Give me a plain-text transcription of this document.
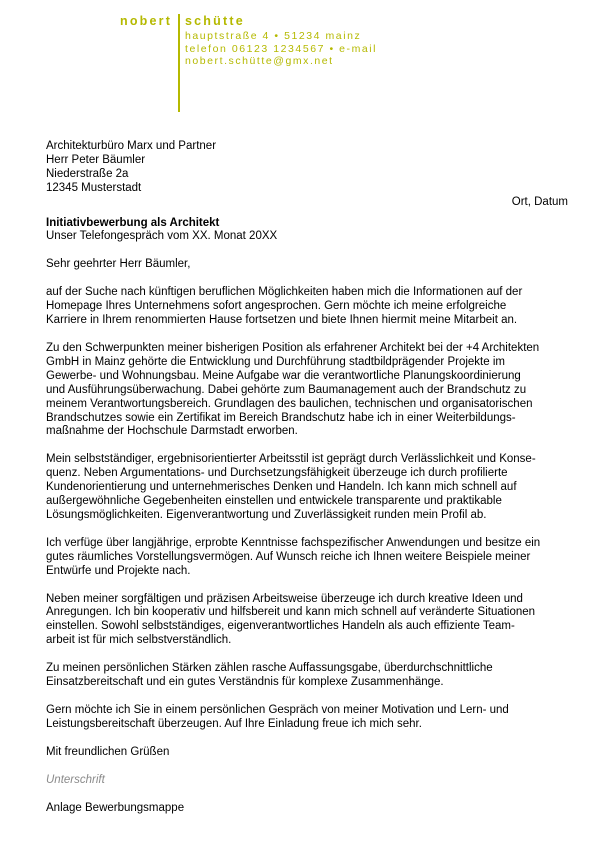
nobert schütte
hauptstraße 4 • 51234 mainz
telefon 06123 1234567 • e-mail
nobert.schütte@gmx.net
Architekturbüro Marx und Partner
Herr Peter Bäumler
Niederstraße 2a
12345 Musterstadt
Ort, Datum
Initiativbewerbung als Architekt
Unser Telefongespräch vom XX. Monat 20XX
Sehr geehrter Herr Bäumler,
auf der Suche nach künftigen beruflichen Möglichkeiten haben mich die Informationen auf der
Homepage Ihres Unternehmens sofort angesprochen. Gern möchte ich meine erfolgreiche
Karriere in Ihrem renommierten Hause fortsetzen und biete Ihnen hiermit meine Mitarbeit an.
Zu den Schwerpunkten meiner bisherigen Position als erfahrener Architekt bei der +4 Architekten
GmbH in Mainz gehörte die Entwicklung und Durchführung stadtbildprägender Projekte im
Gewerbe- und Wohnungsbau. Meine Aufgabe war die verantwortliche Planungskoordinierung
und Ausführungsüberwachung. Dabei gehörte zum Baumanagement auch der Brandschutz zu
meinem Verantwortungsbereich. Grundlagen des baulichen, technischen und organisatorischen
Brandschutzes sowie ein Zertifikat im Bereich Brandschutz habe ich in einer Weiterbildungs-
maßnahme der Hochschule Darmstadt erworben.
Mein selbstständiger, ergebnisorientierter Arbeitsstil ist geprägt durch Verlässlichkeit und Konse-
quenz. Neben Argumentations- und Durchsetzungsfähigkeit überzeuge ich durch profilierte
Kundenorientierung und unternehmerisches Denken und Handeln. Ich kann mich schnell auf
außergewöhnliche Gegebenheiten einstellen und entwickele transparente und praktikable
Lösungsmöglichkeiten. Eigenverantwortung und Zuverlässigkeit runden mein Profil ab.
Ich verfüge über langjährige, erprobte Kenntnisse fachspezifischer Anwendungen und besitze ein
gutes räumliches Vorstellungsvermögen. Auf Wunsch reiche ich Ihnen weitere Beispiele meiner
Entwürfe und Projekte nach.
Neben meiner sorgfältigen und präzisen Arbeitsweise überzeuge ich durch kreative Ideen und
Anregungen. Ich bin kooperativ und hilfsbereit und kann mich schnell auf veränderte Situationen
einstellen. Sowohl selbstständiges, eigenverantwortliches Handeln als auch effiziente Team-
arbeit ist für mich selbstverständlich.
Zu meinen persönlichen Stärken zählen rasche Auffassungsgabe, überdurchschnittliche
Einsatzbereitschaft und ein gutes Verständnis für komplexe Zusammenhänge.
Gern möchte ich Sie in einem persönlichen Gespräch von meiner Motivation und Lern- und
Leistungsbereitschaft überzeugen. Auf Ihre Einladung freue ich mich sehr.
Mit freundlichen Grüßen
Unterschrift
Anlage Bewerbungsmappe
